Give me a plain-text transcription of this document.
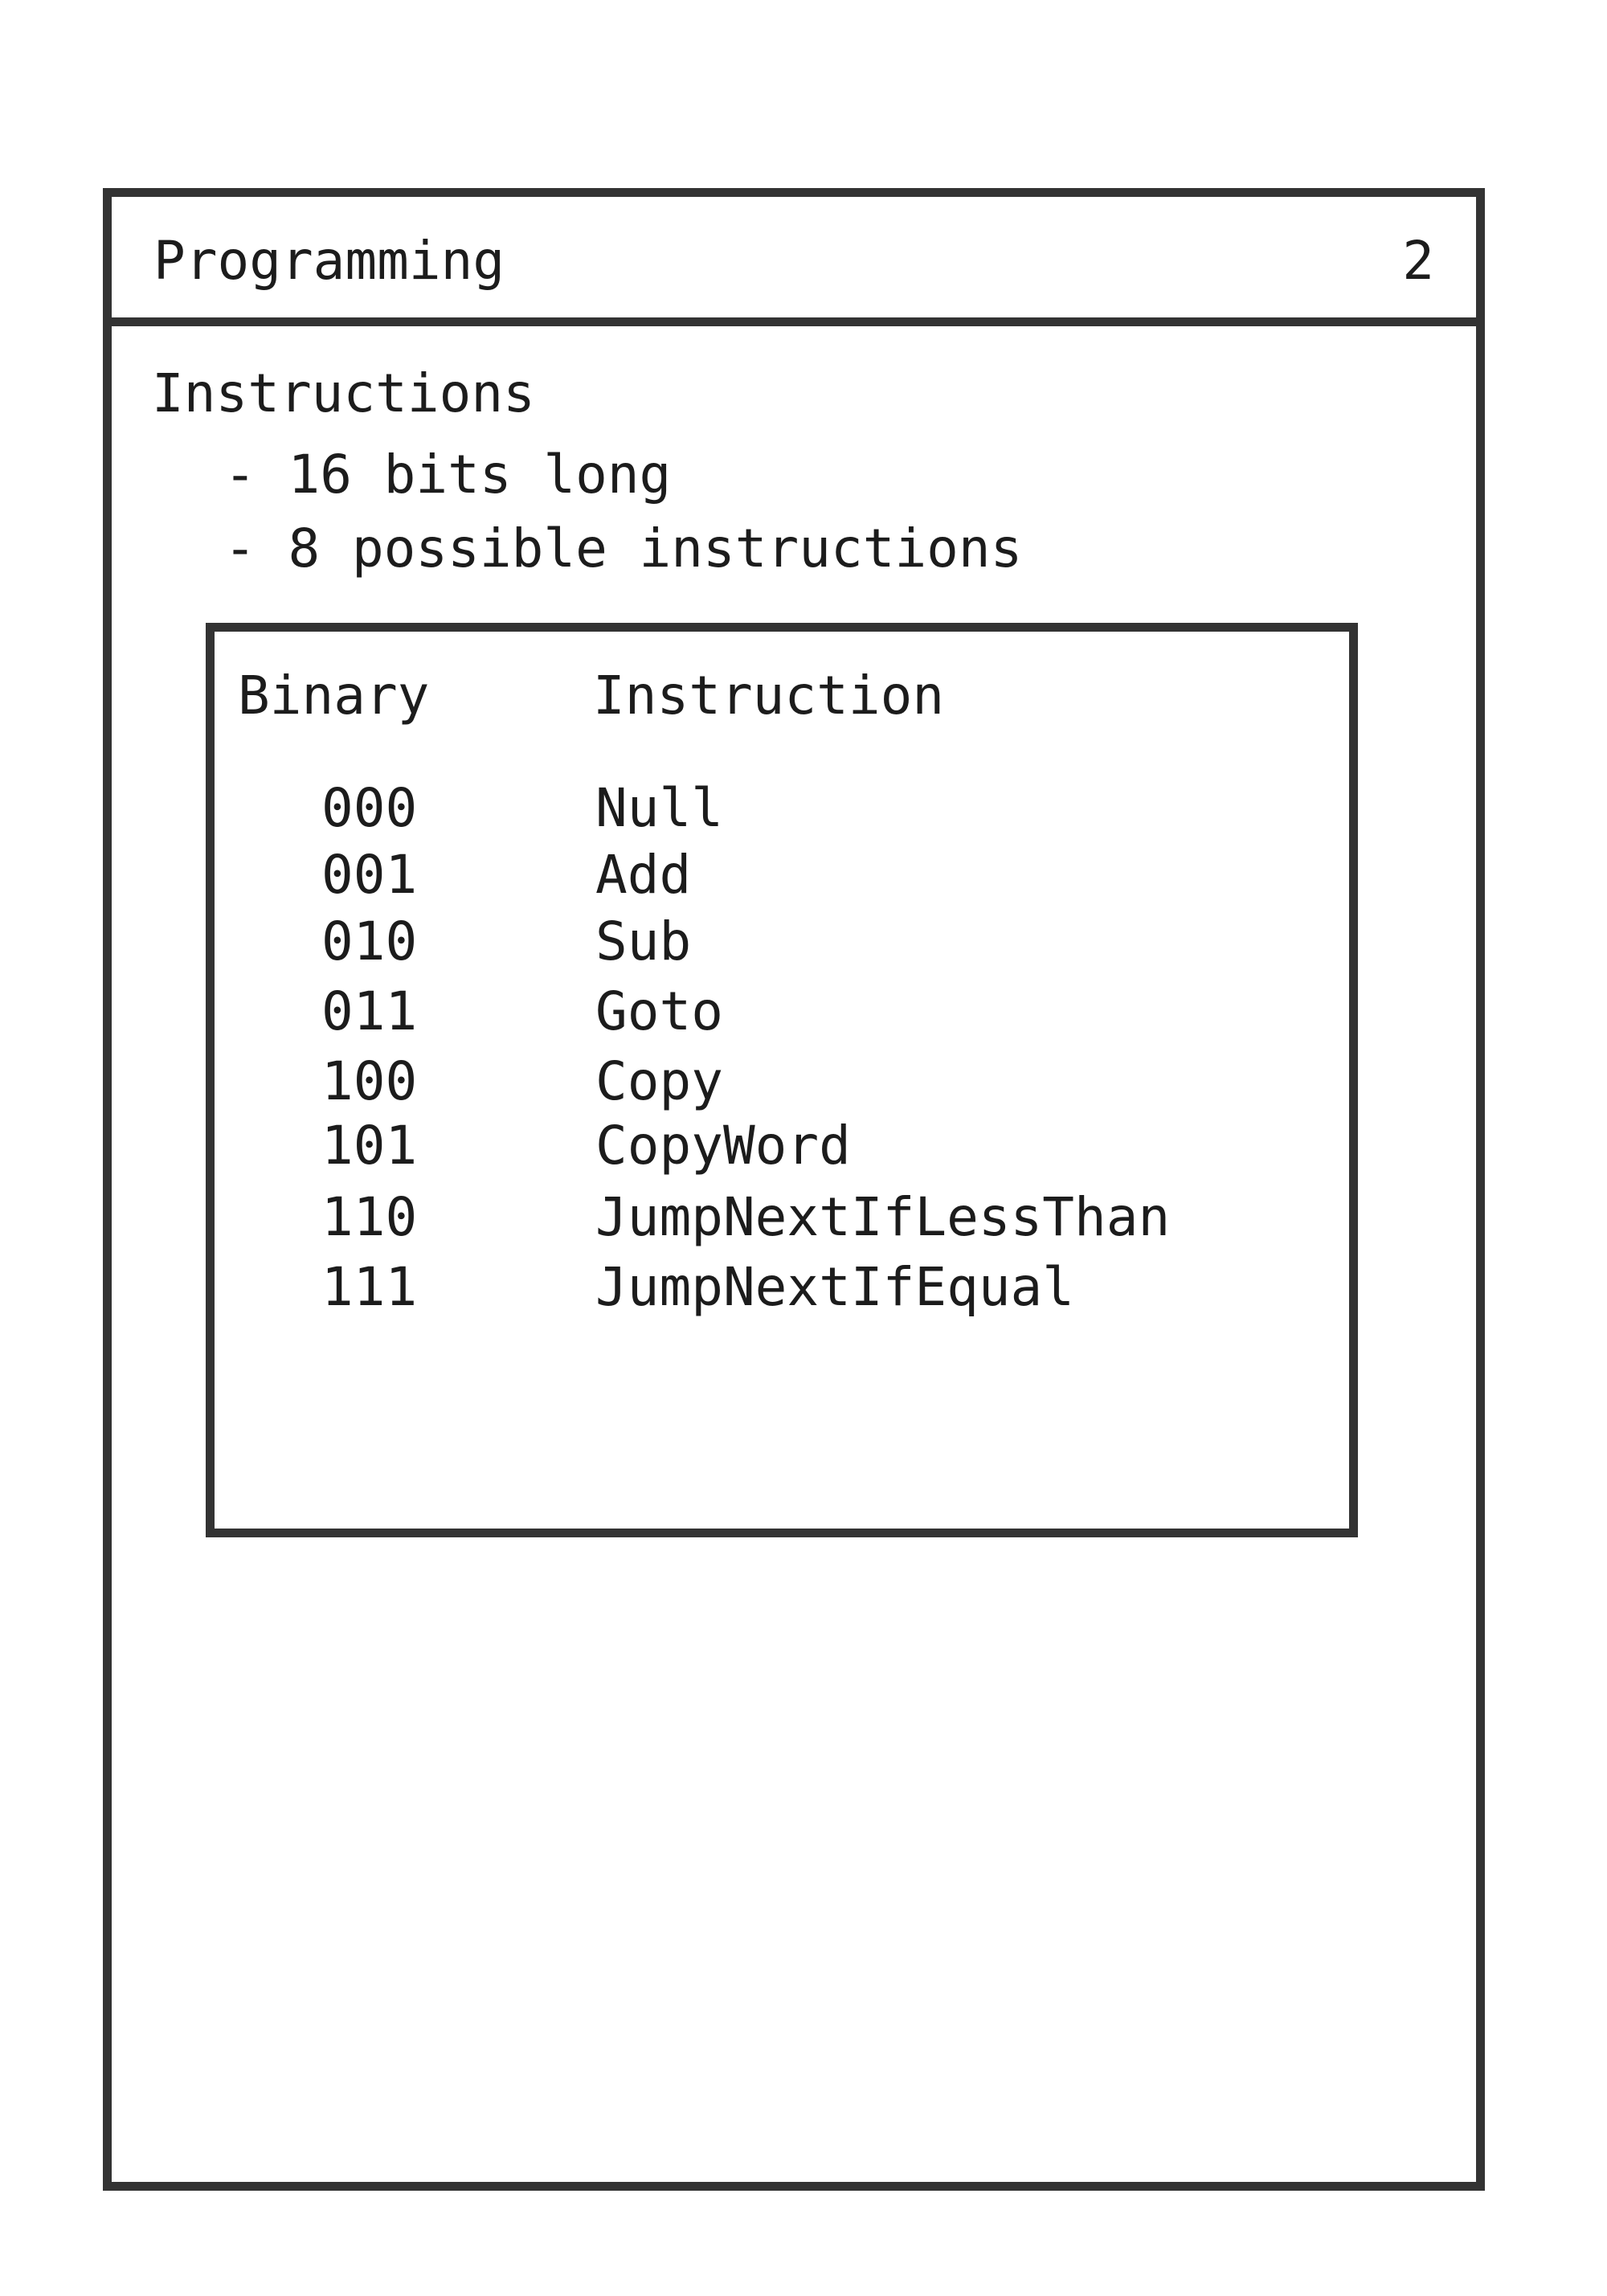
Programming	2
Instructions
- 16 bits long
- 8 possible instructions
Binary	Instruction
000	Null
001	Add
010	Sub
011	Goto
100	Copy
101	CopyWord
110	JumpNextIfLessThan
111	JumpNextIfEqual
